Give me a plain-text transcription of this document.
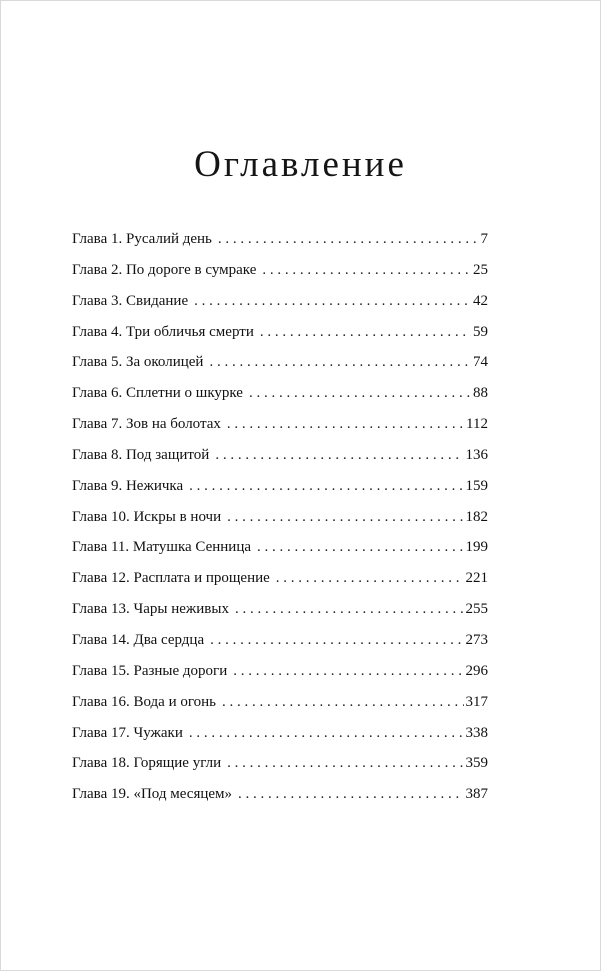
Оглавление
Глава 1. Русалий день . . .	7
Глава 2. По дороге в сумраке . . .	25
Глава 3. Свидание . . .	42
Глава 4. Три обличья смерти . . .	59
Глава 5. За околицей . . .	74
Глава 6. Сплетни о шкурке . . .	88
Глава 7. Зов на болотах . . .	112
Глава 8. Под защитой . . .	136
Глава 9. Нежичка . . .	159
Глава 10. Искры в ночи . . .	182
Глава 11. Матушка Сенница . . .	199
Глава 12. Расплата и прощение . . .	221
Глава 13. Чары неживых . . .	255
Глава 14. Два сердца . . .	273
Глава 15. Разные дороги . . .	296
Глава 16. Вода и огонь . . .	317
Глава 17. Чужаки . . .	338
Глава 18. Горящие угли . . .	359
Глава 19. «Под месяцем» . . .	387
